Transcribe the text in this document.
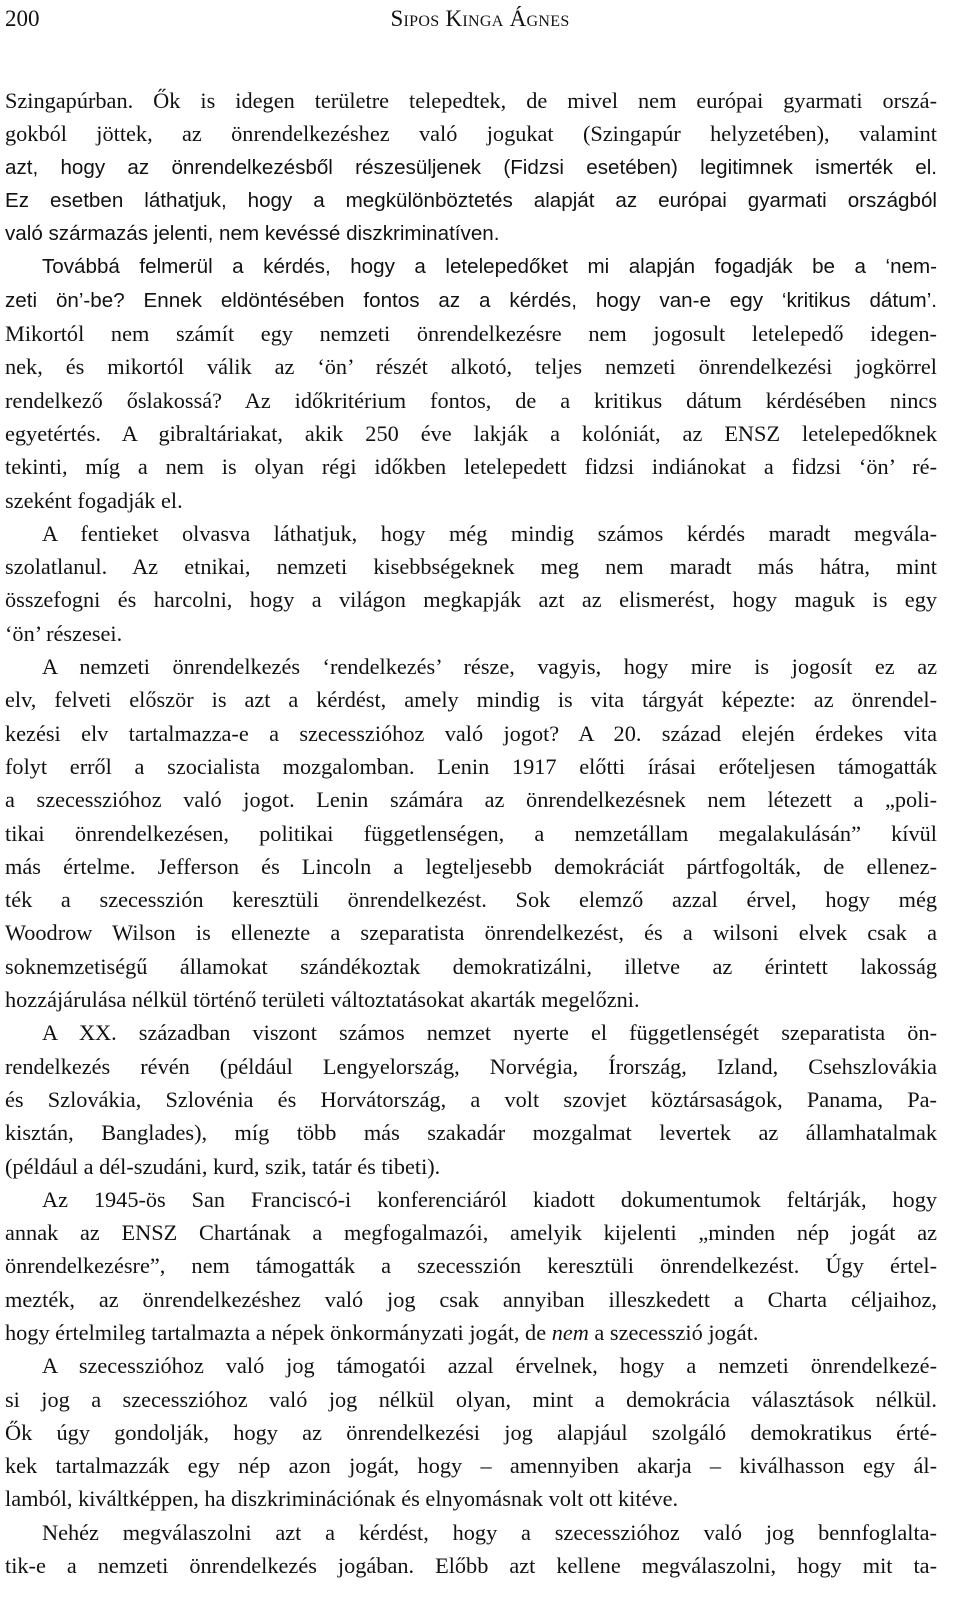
200	Sipos Kinga Ágnes
Szingapúrban. Ők is idegen területre telepedtek, de mivel nem európai gyarmati orszá-
gokból jöttek, az önrendelkezéshez való jogukat (Szingapúr helyzetében), valamint
azt, hogy az önrendelkezésből részesüljenek (Fidzsi esetében) legitimnek ismerték el.
Ez esetben láthatjuk, hogy a megkülönböztetés alapját az európai gyarmati országból
való származás jelenti, nem kevéssé diszkriminatíven.
Továbbá felmerül a kérdés, hogy a letelepedőket mi alapján fogadják be a ‘nem-
zeti ön’-be? Ennek eldöntésében fontos az a kérdés, hogy van-e egy ‘kritikus dátum’.
Mikortól nem számít egy nemzeti önrendelkezésre nem jogosult letelepedő idegen-
nek, és mikortól válik az ‘ön’ részét alkotó, teljes nemzeti önrendelkezési jogkörrel
rendelkező őslakossá? Az időkritérium fontos, de a kritikus dátum kérdésében nincs
egyetértés. A gibraltáriakat, akik 250 éve lakják a kolóniát, az ENSZ letelepedőknek
tekinti, míg a nem is olyan régi időkben letelepedett fidzsi indiánokat a fidzsi ‘ön’ ré-
szeként fogadják el.
A fentieket olvasva láthatjuk, hogy még mindig számos kérdés maradt megvála-
szolatlanul. Az etnikai, nemzeti kisebbségeknek meg nem maradt más hátra, mint
összefogni és harcolni, hogy a világon megkapják azt az elismerést, hogy maguk is egy
‘ön’ részesei.
A nemzeti önrendelkezés ‘rendelkezés’ része, vagyis, hogy mire is jogosít ez az
elv, felveti először is azt a kérdést, amely mindig is vita tárgyát képezte: az önrendel-
kezési elv tartalmazza-e a szecesszióhoz való jogot? A 20. század elején érdekes vita
folyt erről a szocialista mozgalomban. Lenin 1917 előtti írásai erőteljesen támogatták
a szecesszióhoz való jogot. Lenin számára az önrendelkezésnek nem létezett a „poli-
tikai önrendelkezésen, politikai függetlenségen, a nemzetállam megalakulásán” kívül
más értelme. Jefferson és Lincoln a legteljesebb demokráciát pártfogolták, de ellenez-
ték a szecesszión keresztüli önrendelkezést. Sok elemző azzal érvel, hogy még
Woodrow Wilson is ellenezte a szeparatista önrendelkezést, és a wilsoni elvek csak a
soknemzetiségű államokat szándékoztak demokratizálni, illetve az érintett lakosság
hozzájárulása nélkül történő területi változtatásokat akarták megelőzni.
A XX. században viszont számos nemzet nyerte el függetlenségét szeparatista ön-
rendelkezés révén (például Lengyelország, Norvégia, Írország, Izland, Csehszlovákia
és Szlovákia, Szlovénia és Horvátország, a volt szovjet köztársaságok, Panama, Pa-
kisztán, Banglades), míg több más szakadár mozgalmat levertek az államhatalmak
(például a dél-szudáni, kurd, szik, tatár és tibeti).
Az 1945-ös San Franciscó-i konferenciáról kiadott dokumentumok feltárják, hogy
annak az ENSZ Chartának a megfogalmazói, amelyik kijelenti „minden nép jogát az
önrendelkezésre”, nem támogatták a szecesszión keresztüli önrendelkezést. Úgy értel-
mezték, az önrendelkezéshez való jog csak annyiban illeszkedett a Charta céljaihoz,
hogy értelmileg tartalmazta a népek önkormányzati jogát, de nem a szecesszió jogát.
A szecesszióhoz való jog támogatói azzal érvelnek, hogy a nemzeti önrendelkezé-
si jog a szecesszióhoz való jog nélkül olyan, mint a demokrácia választások nélkül.
Ők úgy gondolják, hogy az önrendelkezési jog alapjául szolgáló demokratikus érté-
kek tartalmazzák egy nép azon jogát, hogy – amennyiben akarja – kiválhasson egy ál-
lamból, kiváltképpen, ha diszkriminációnak és elnyomásnak volt ott kitéve.
Nehéz megválaszolni azt a kérdést, hogy a szecesszióhoz való jog bennfoglalta-
tik-e a nemzeti önrendelkezés jogában. Előbb azt kellene megválaszolni, hogy mit ta-
